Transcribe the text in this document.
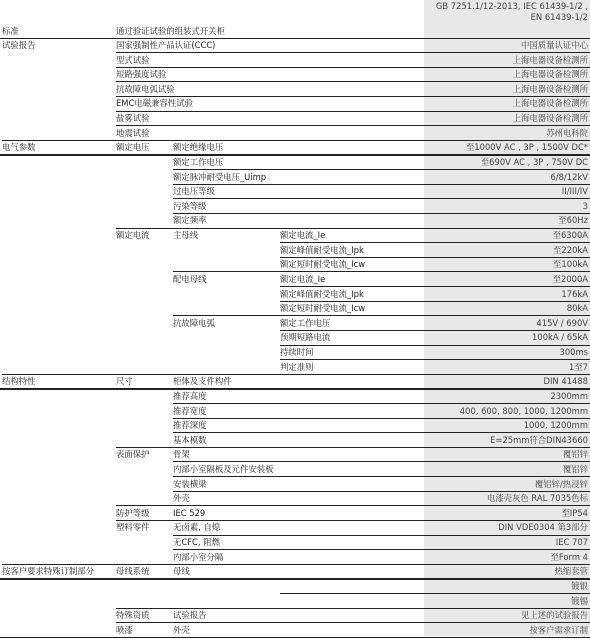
标准	通过验证试验的组装式开关柜
GB 7251.1/12-2013, IEC 61439-1/2 ,
EN 61439-1/2
试验报告	国家强制性产品认证(CCC)	中国质量认证中心
型式试验	上海电器设备检测所
短路强度试验	上海电器设备检测所
抗故障电弧试验	上海电器设备检测所
EMC电磁兼容性试验	上海电器设备检测所
盐雾试验	上海电器设备检测所
地震试验	苏州电科院
电气参数	额定电压	额定绝缘电压	至1000V AC , 3P , 1500V DC*
额定工作电压	至690V AC , 3P , 750V DC
额定脉冲耐受电压_Uimp	6/8/12kV
过电压等级	II/III/IV
污染等级	3
额定频率	至60Hz
额定电流	主母线	额定电流_Ie	至6300A
额定峰值耐受电流_Ipk	至220kA
额定短时耐受电流_Icw	至100kA
配电母线	额定电流_Ie	至2000A
额定峰值耐受电流_Ipk	176kA
额定短时耐受电流_Icw	80kA
抗故障电弧	额定工作电压	415V / 690V
预期短路电流	100kA / 65kA
持续时间	300ms
判定准则	1至7
结构特性	尺寸	柜体及支件构件	DIN 41488
推荐高度	2300mm
推荐宽度	400, 600, 800, 1000, 1200mm
推荐深度	1000, 1200mm
基本模数	E=25mm符合DIN43660
表面保护	骨架	覆铝锌
内部小室隔板及元件安装板	覆铝锌
安装横梁	覆铝锌/热浸锌
外壳	电漆壳灰色 RAL 7035色标
防护等级	IEC 529	至IP54
塑料零件	无卤素, 自熄	DIN VDE0304 第3部分
无CFC, 阻燃	IEC 707
内部小室分隔	至Form 4
按客户要求特殊订制部分	母线系统	母线	热缩套管
镀银
镀锡
特殊资质	试验报告	见上述的试验报告
喷漆	外壳	按客户需求订制
